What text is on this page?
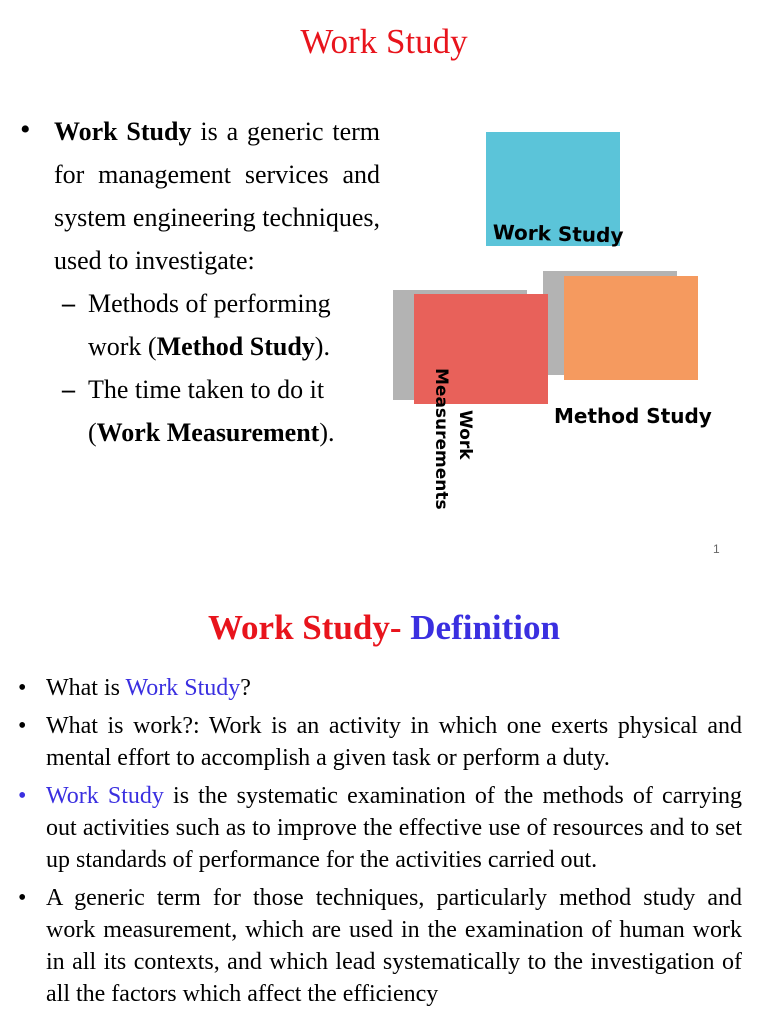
Work Study

• Work Study is a generic term for management services and system engineering techniques, used to investigate:

– Methods of performing work (Method Study).

– The time taken to do it (Work Measurement).

Work Study
Method Study
Work
Measurements
1
Work Study- Definition

• What is Work Study?

• What is work?: Work is an activity in which one exerts physical and mental effort to accomplish a given task or perform a duty.

• Work Study is the systematic examination of the methods of carrying out activities such as to improve the effective use of resources and to set up standards of performance for the activities carried out.

• A generic term for those techniques, particularly method study and work measurement, which are used in the examination of human work in all its contexts, and which lead systematically to the investigation of all the factors which affect the efficiency
